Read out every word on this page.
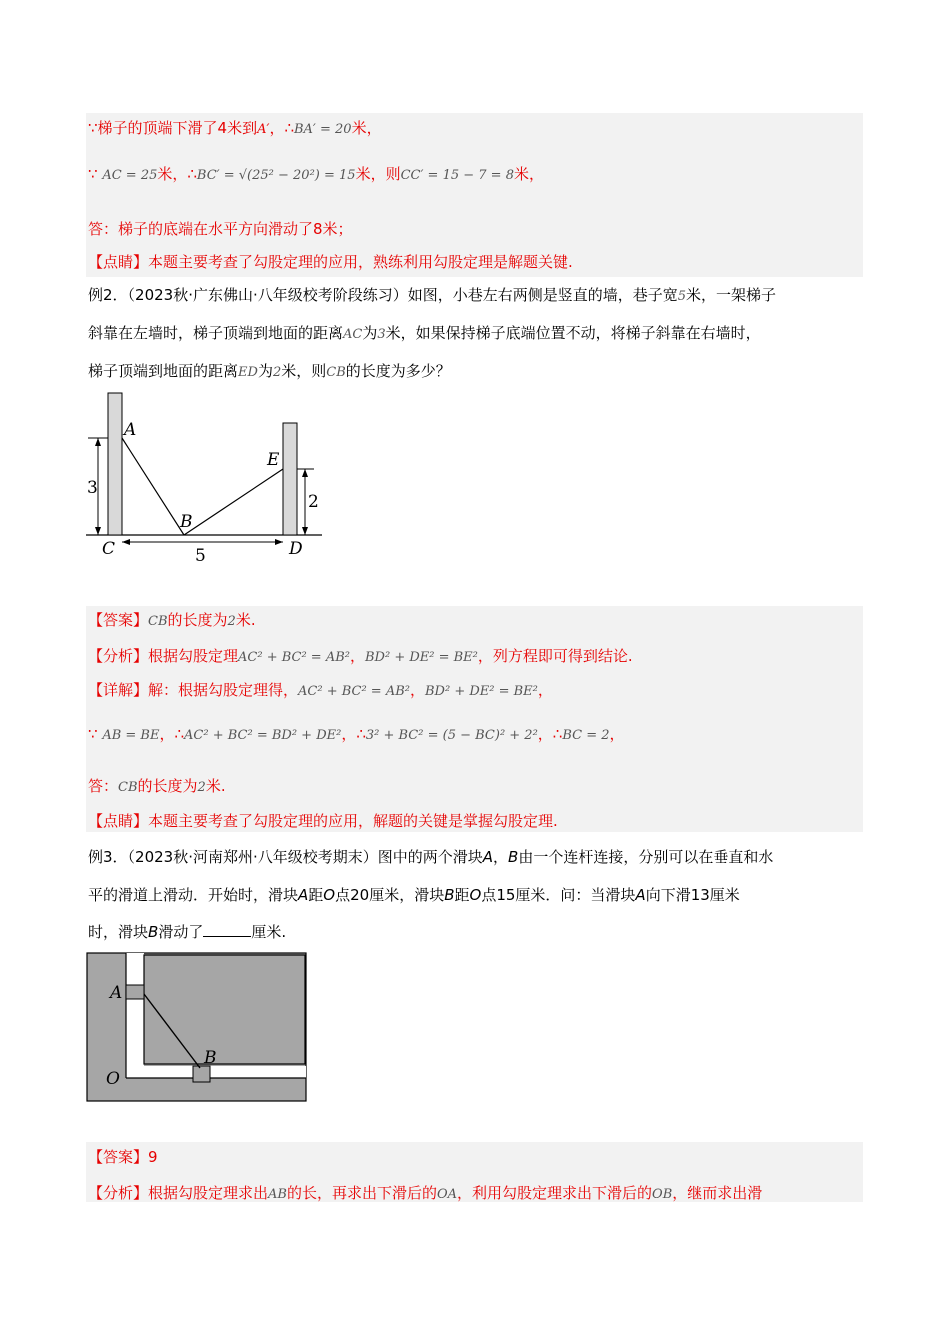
∵梯子的顶端下滑了4米到A′，∴BA′ = 20米，
∵ AC = 25米，∴BC′ = √(25² − 20²) = 15米，则CC′ = 15 − 7 = 8米，
答：梯子的底端在水平方向滑动了8米；
【点睛】本题主要考查了勾股定理的应用，熟练利用勾股定理是解题关键.
例2．（2023秋·广东佛山·八年级校考阶段练习）如图，小巷左右两侧是竖直的墙，巷子宽5米，一架梯子
斜靠在左墙时，梯子顶端到地面的距离AC为3米，如果保持梯子底端位置不动，将梯子斜靠在右墙时，
梯子顶端到地面的距离ED为2米，则CB的长度为多少？
A
B
C	D
E
3
2
5
【答案】CB的长度为2米.
【分析】根据勾股定理AC² + BC² = AB²，BD² + DE² = BE²，列方程即可得到结论.
【详解】解：根据勾股定理得，AC² + BC² = AB²，BD² + DE² = BE²，
∵ AB = BE，∴AC² + BC² = BD² + DE²，∴3² + BC² = (5 − BC)² + 2²，∴BC = 2，
答：CB的长度为2米.
【点睛】本题主要考查了勾股定理的应用，解题的关键是掌握勾股定理.
例3．（2023秋·河南郑州·八年级校考期末）图中的两个滑块A，B由一个连杆连接，分别可以在垂直和水
平的滑道上滑动．开始时，滑块A距O点20厘米，滑块B距O点15厘米．问：当滑块A向下滑13厘米
时，滑块B滑动了	厘米.
A
B
O
【答案】9
【分析】根据勾股定理求出AB的长，再求出下滑后的OA，利用勾股定理求出下滑后的OB，继而求出滑
